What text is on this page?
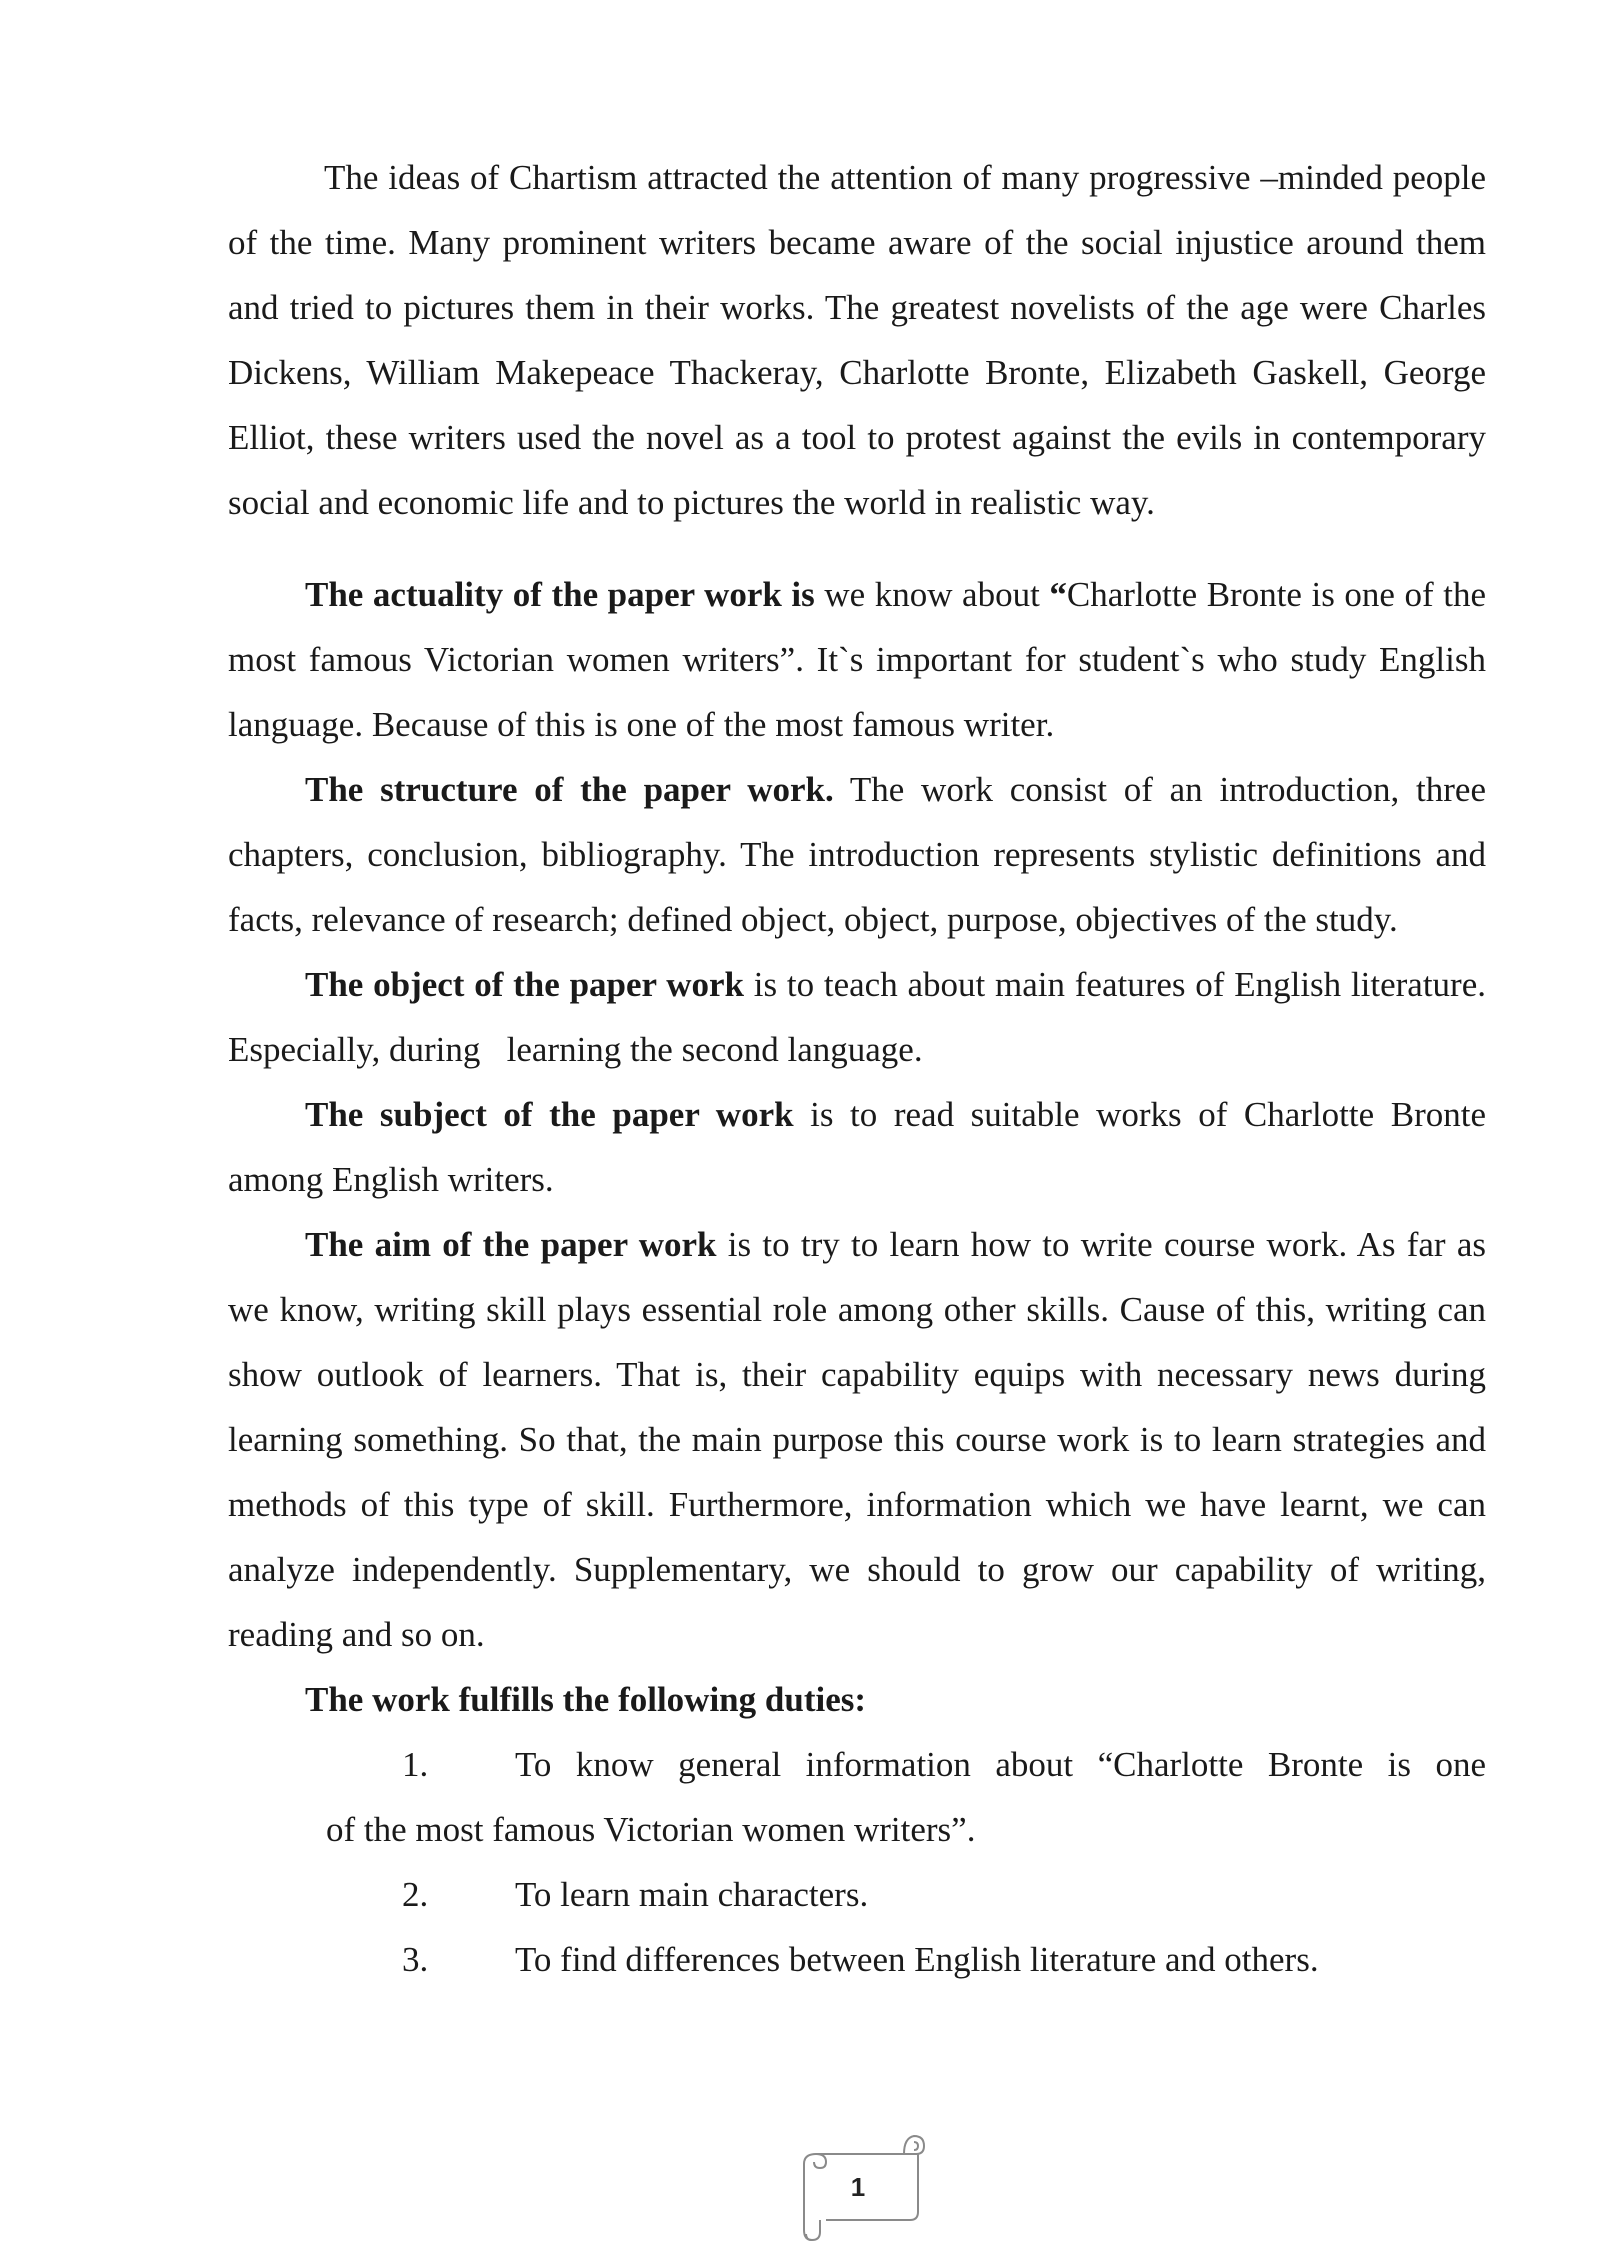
The ideas of Chartism attracted the attention of many progressive –minded people of the time. Many prominent writers became aware of the social injustice around them and tried to pictures them in their works. The greatest novelists of the age were Charles Dickens, William Makepeace Thackeray, Charlotte Bronte, Elizabeth Gaskell, George Elliot, these writers used the novel as a tool to protest against the evils in contemporary social and economic life and to pictures the world in realistic way.

The actuality of the paper work is we know about “Charlotte Bronte is one of the most famous Victorian women writers”. It`s important for student`s who study English language. Because of this is one of the most famous writer.

The structure of the paper work. The work consist of an introduction, three chapters, conclusion, bibliography. The introduction represents stylistic definitions and facts, relevance of research; defined object, object, purpose, objectives of the study.

The object of the paper work is to teach about main features of English literature. Especially, during   learning the second language.

The subject of the paper work is to read suitable works of Charlotte Bronte among English writers.

The aim of the paper work is to try to learn how to write course work. As far as we know, writing skill plays essential role among other skills. Cause of this, writing can show outlook of learners. That is, their capability equips with necessary news during learning something. So that, the main purpose this course work is to learn strategies and methods of this type of skill. Furthermore, information which we have learnt, we can analyze independently. Supplementary, we should to grow our capability of writing, reading and so on.

The work fulfills the following duties:

1.	To know general information about “Charlotte Bronte is one
of the most famous Victorian women writers”.
2.	To learn main characters.
3.	To find differences between English literature and others.
1
